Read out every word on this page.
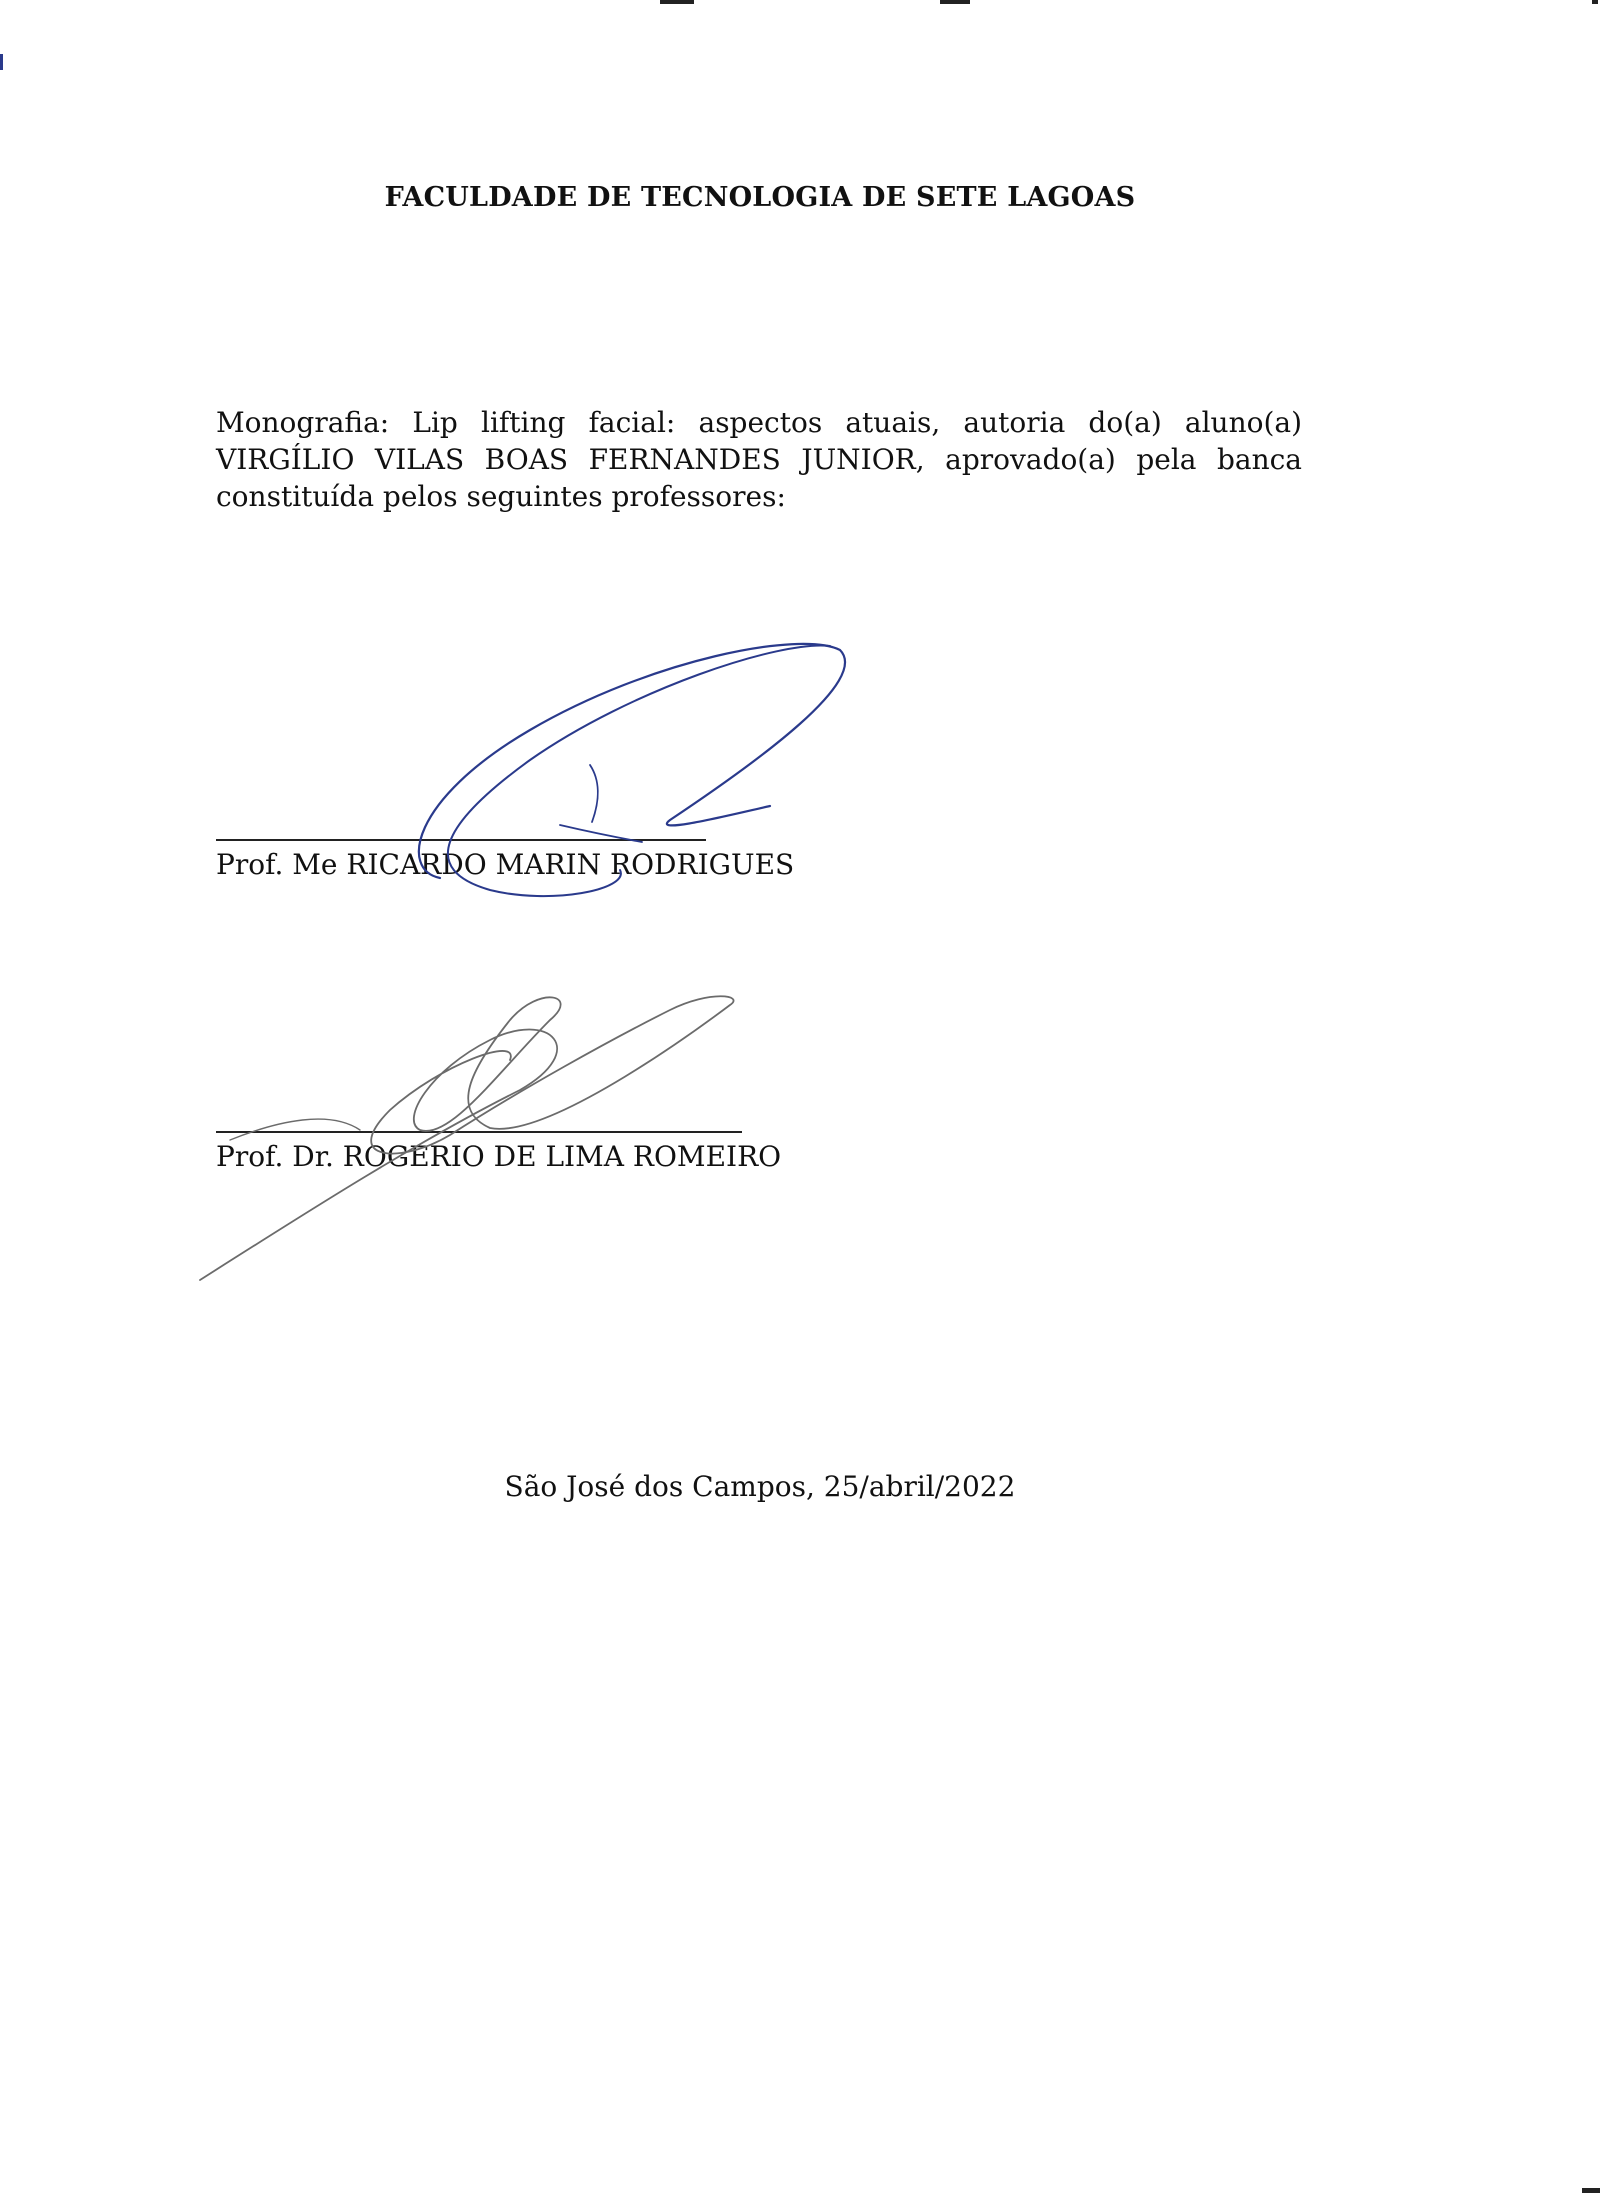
FACULDADE DE TECNOLOGIA DE SETE LAGOAS

Monografia: Lip lifting facial: aspectos atuais, autoria do(a) aluno(a) VIRGÍLIO VILAS BOAS FERNANDES JUNIOR, aprovado(a) pela banca constituída pelos seguintes professores:

Prof. Me RICARDO MARIN RODRIGUES
Prof. Dr. ROGERIO DE LIMA ROMEIRO

São José dos Campos, 25/abril/2022
